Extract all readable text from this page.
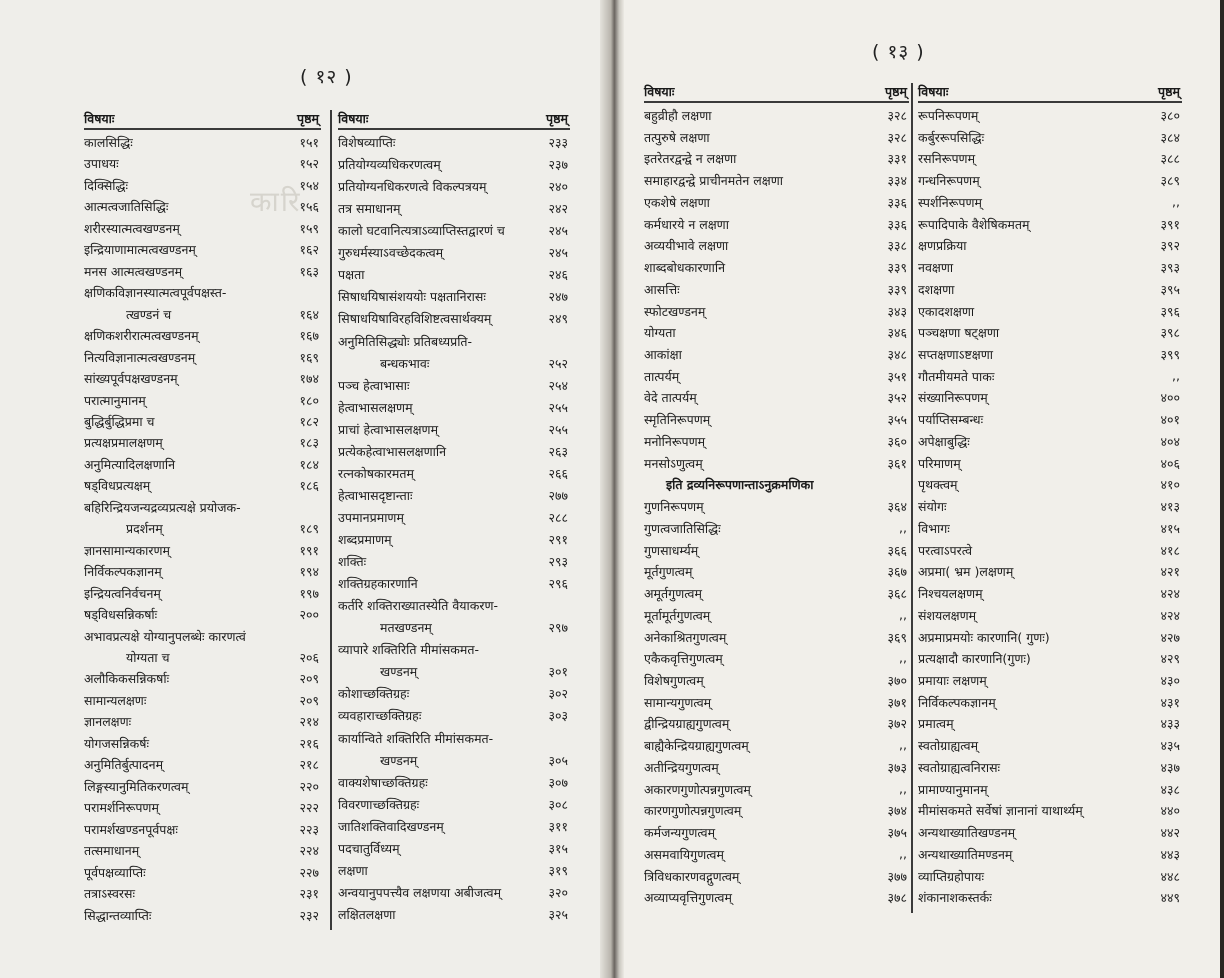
कारि
( १२ )
विषयाः	पृष्ठम्
कालसिद्धिः	१५१
उपाधयः	१५२
दिक्सिद्धिः	१५४
आत्मत्वजातिसिद्धिः	१५६
शरीरस्यात्मत्वखण्डनम्	१५९
इन्द्रियाणामात्मत्वखण्डनम्	१६२
मनस आत्मत्वखण्डनम्	१६३
क्षणिकविज्ञानस्यात्मत्वपूर्वपक्षस्त-
त्खण्डनं च	१६४
क्षणिकशरीरात्मत्वखण्डनम्	१६७
नित्यविज्ञानात्मत्वखण्डनम्	१६९
सांख्यपूर्वपक्षखण्डनम्	१७४
परात्मानुमानम्	१८०
बुद्धिर्बुद्धिप्रमा च	१८२
प्रत्यक्षप्रमालक्षणम्	१८३
अनुमित्यादिलक्षणानि	१८४
षड्विधप्रत्यक्षम्	१८६
बहिरिन्द्रियजन्यद्रव्यप्रत्यक्षे प्रयोजक-
प्रदर्शनम्	१८९
ज्ञानसामान्यकारणम्	१९१
निर्विकल्पकज्ञानम्	१९४
इन्द्रियत्वनिर्वचनम्	१९७
षड्विधसन्निकर्षाः	२००
अभावप्रत्यक्षे योग्यानुपलब्धेः कारणत्वं
योग्यता च	२०६
अलौकिकसन्निकर्षाः	२०९
सामान्यलक्षणः	२०९
ज्ञानलक्षणः	२१४
योगजसन्निकर्षः	२१६
अनुमितिर्बुत्पादनम्	२१८
लिङ्गस्यानुमितिकरणत्वम्	२२०
परामर्शनिरूपणम्	२२२
परामर्शखण्डनपूर्वपक्षः	२२३
तत्समाधानम्	२२४
पूर्वपक्षव्याप्तिः	२२७
तत्राऽस्वरसः	२३१
सिद्धान्तव्याप्तिः	२३२
विषयाः	पृष्ठम्
विशेषव्याप्तिः	२३३
प्रतियोग्यव्यधिकरणत्वम्	२३७
प्रतियोग्यनधिकरणत्वे विकल्पत्रयम्	२४०
तत्र समाधानम्	२४२
कालो घटवानित्यत्राऽव्याप्तिस्तद्वारणं च	२४५
गुरुधर्मस्याऽवच्छेदकत्वम्	२४५
पक्षता	२४६
सिषाधयिषासंशययोः पक्षतानिरासः	२४७
सिषाधयिषाविरहविशिष्टत्वसार्थक्यम्	२४९
अनुमितिसिद्ध्योः प्रतिबध्यप्रति-
बन्धकभावः	२५२
पञ्च हेत्वाभासाः	२५४
हेत्वाभासलक्षणम्	२५५
प्राचां हेत्वाभासलक्षणम्	२५५
प्रत्येकहेत्वाभासलक्षणानि	२६३
रत्नकोषकारमतम्	२६६
हेत्वाभासदृष्टान्ताः	२७७
उपमानप्रमाणम्	२८८
शब्दप्रमाणम्	२९१
शक्तिः	२९३
शक्तिग्रहकारणानि	२९६
कर्तरि शक्तिराख्यातस्येति वैयाकरण-
मतखण्डनम्	२९७
व्यापारे शक्तिरिति मीमांसकमत-
खण्डनम्	३०१
कोशाच्छक्तिग्रहः	३०२
व्यवहाराच्छक्तिग्रहः	३०३
कार्यान्विते शक्तिरिति मीमांसकमत-
खण्डनम्	३०५
वाक्यशेषाच्छक्तिग्रहः	३०७
विवरणाच्छक्तिग्रहः	३०८
जातिशक्तिवादिखण्डनम्	३११
पदचातुर्विध्यम्	३१५
लक्षणा	३१९
अन्वयानुपपत्त्यैव लक्षणया अबीजत्वम्	३२०
लक्षितलक्षणा	३२५
( १३ )
विषयाः	पृष्ठम्
बहुव्रीहौ लक्षणा	३२८
तत्पुरुषे लक्षणा	३२८
इतरेतरद्वन्द्वे न लक्षणा	३३१
समाहारद्वन्द्वे प्राचीनमतेन लक्षणा	३३४
एकशेषे लक्षणा	३३६
कर्मधारये न लक्षणा	३३६
अव्ययीभावे लक्षणा	३३८
शाब्दबोधकारणानि	३३९
आसत्तिः	३३९
स्फोटखण्डनम्	३४३
योग्यता	३४६
आकांक्षा	३४८
तात्पर्यम्	३५१
वेदे तात्पर्यम्	३५२
स्मृतिनिरूपणम्	३५५
मनोनिरूपणम्	३६०
मनसोऽणुत्वम्	३६१
इति द्रव्यनिरूपणान्ताऽनुक्रमणिका
गुणनिरूपणम्	३६४
गुणत्वजातिसिद्धिः	,,
गुणसाधर्म्यम्	३६६
मूर्तगुणत्वम्	३६७
अमूर्तगुणत्वम्	३६८
मूर्तामूर्तगुणत्वम्	,,
अनेकाश्रितगुणत्वम्	३६९
एकैकवृत्तिगुणत्वम्	,,
विशेषगुणत्वम्	३७०
सामान्यगुणत्वम्	३७१
द्वीन्द्रियग्राह्यगुणत्वम्	३७२
बाह्यैकेन्द्रियग्राह्यगुणत्वम्	,,
अतीन्द्रियगुणत्वम्	३७३
अकारणगुणोत्पन्नगुणत्वम्	,,
कारणगुणोत्पन्नगुणत्वम्	३७४
कर्मजन्यगुणत्वम्	३७५
असमवायिगुणत्वम्	,,
त्रिविधकारणवद्गुणत्वम्	३७७
अव्याप्यवृत्तिगुणत्वम्	३७८
विषयाः	पृष्ठम्
रूपनिरूपणम्	३८०
कर्बुररूपसिद्धिः	३८४
रसनिरूपणम्	३८८
गन्धनिरूपणम्	३८९
स्पर्शनिरूपणम्	,,
रूपादिपाके वैशेषिकमतम्	३९१
क्षणप्रक्रिया	३९२
नवक्षणा	३९३
दशक्षणा	३९५
एकादशक्षणा	३९६
पञ्चक्षणा षट्क्षणा	३९८
सप्तक्षणाऽष्टक्षणा	३९९
गौतमीयमते पाकः	,,
संख्यानिरूपणम्	४००
पर्याप्तिसम्बन्धः	४०१
अपेक्षाबुद्धिः	४०४
परिमाणम्	४०६
पृथक्त्वम्	४१०
संयोगः	४१३
विभागः	४१५
परत्वाऽपरत्वे	४१८
अप्रमा( भ्रम )लक्षणम्	४२१
निश्चयलक्षणम्	४२४
संशयलक्षणम्	४२४
अप्रमाप्रमयोः कारणानि( गुणः)	४२७
प्रत्यक्षादौ कारणानि(गुणः)	४२९
प्रमायाः लक्षणम्	४३०
निर्विकल्पकज्ञानम्	४३१
प्रमात्वम्	४३३
स्वतोग्राह्यत्वम्	४३५
स्वतोग्राह्यत्वनिरासः	४३७
प्रामाण्यानुमानम्	४३८
मीमांसकमते सर्वेषां ज्ञानानां याथार्थ्यम्	४४०
अन्यथाख्यातिखण्डनम्	४४२
अन्यथाख्यातिमण्डनम्	४४३
व्याप्तिग्रहोपायः	४४८
शंकानाशकस्तर्कः	४४९
